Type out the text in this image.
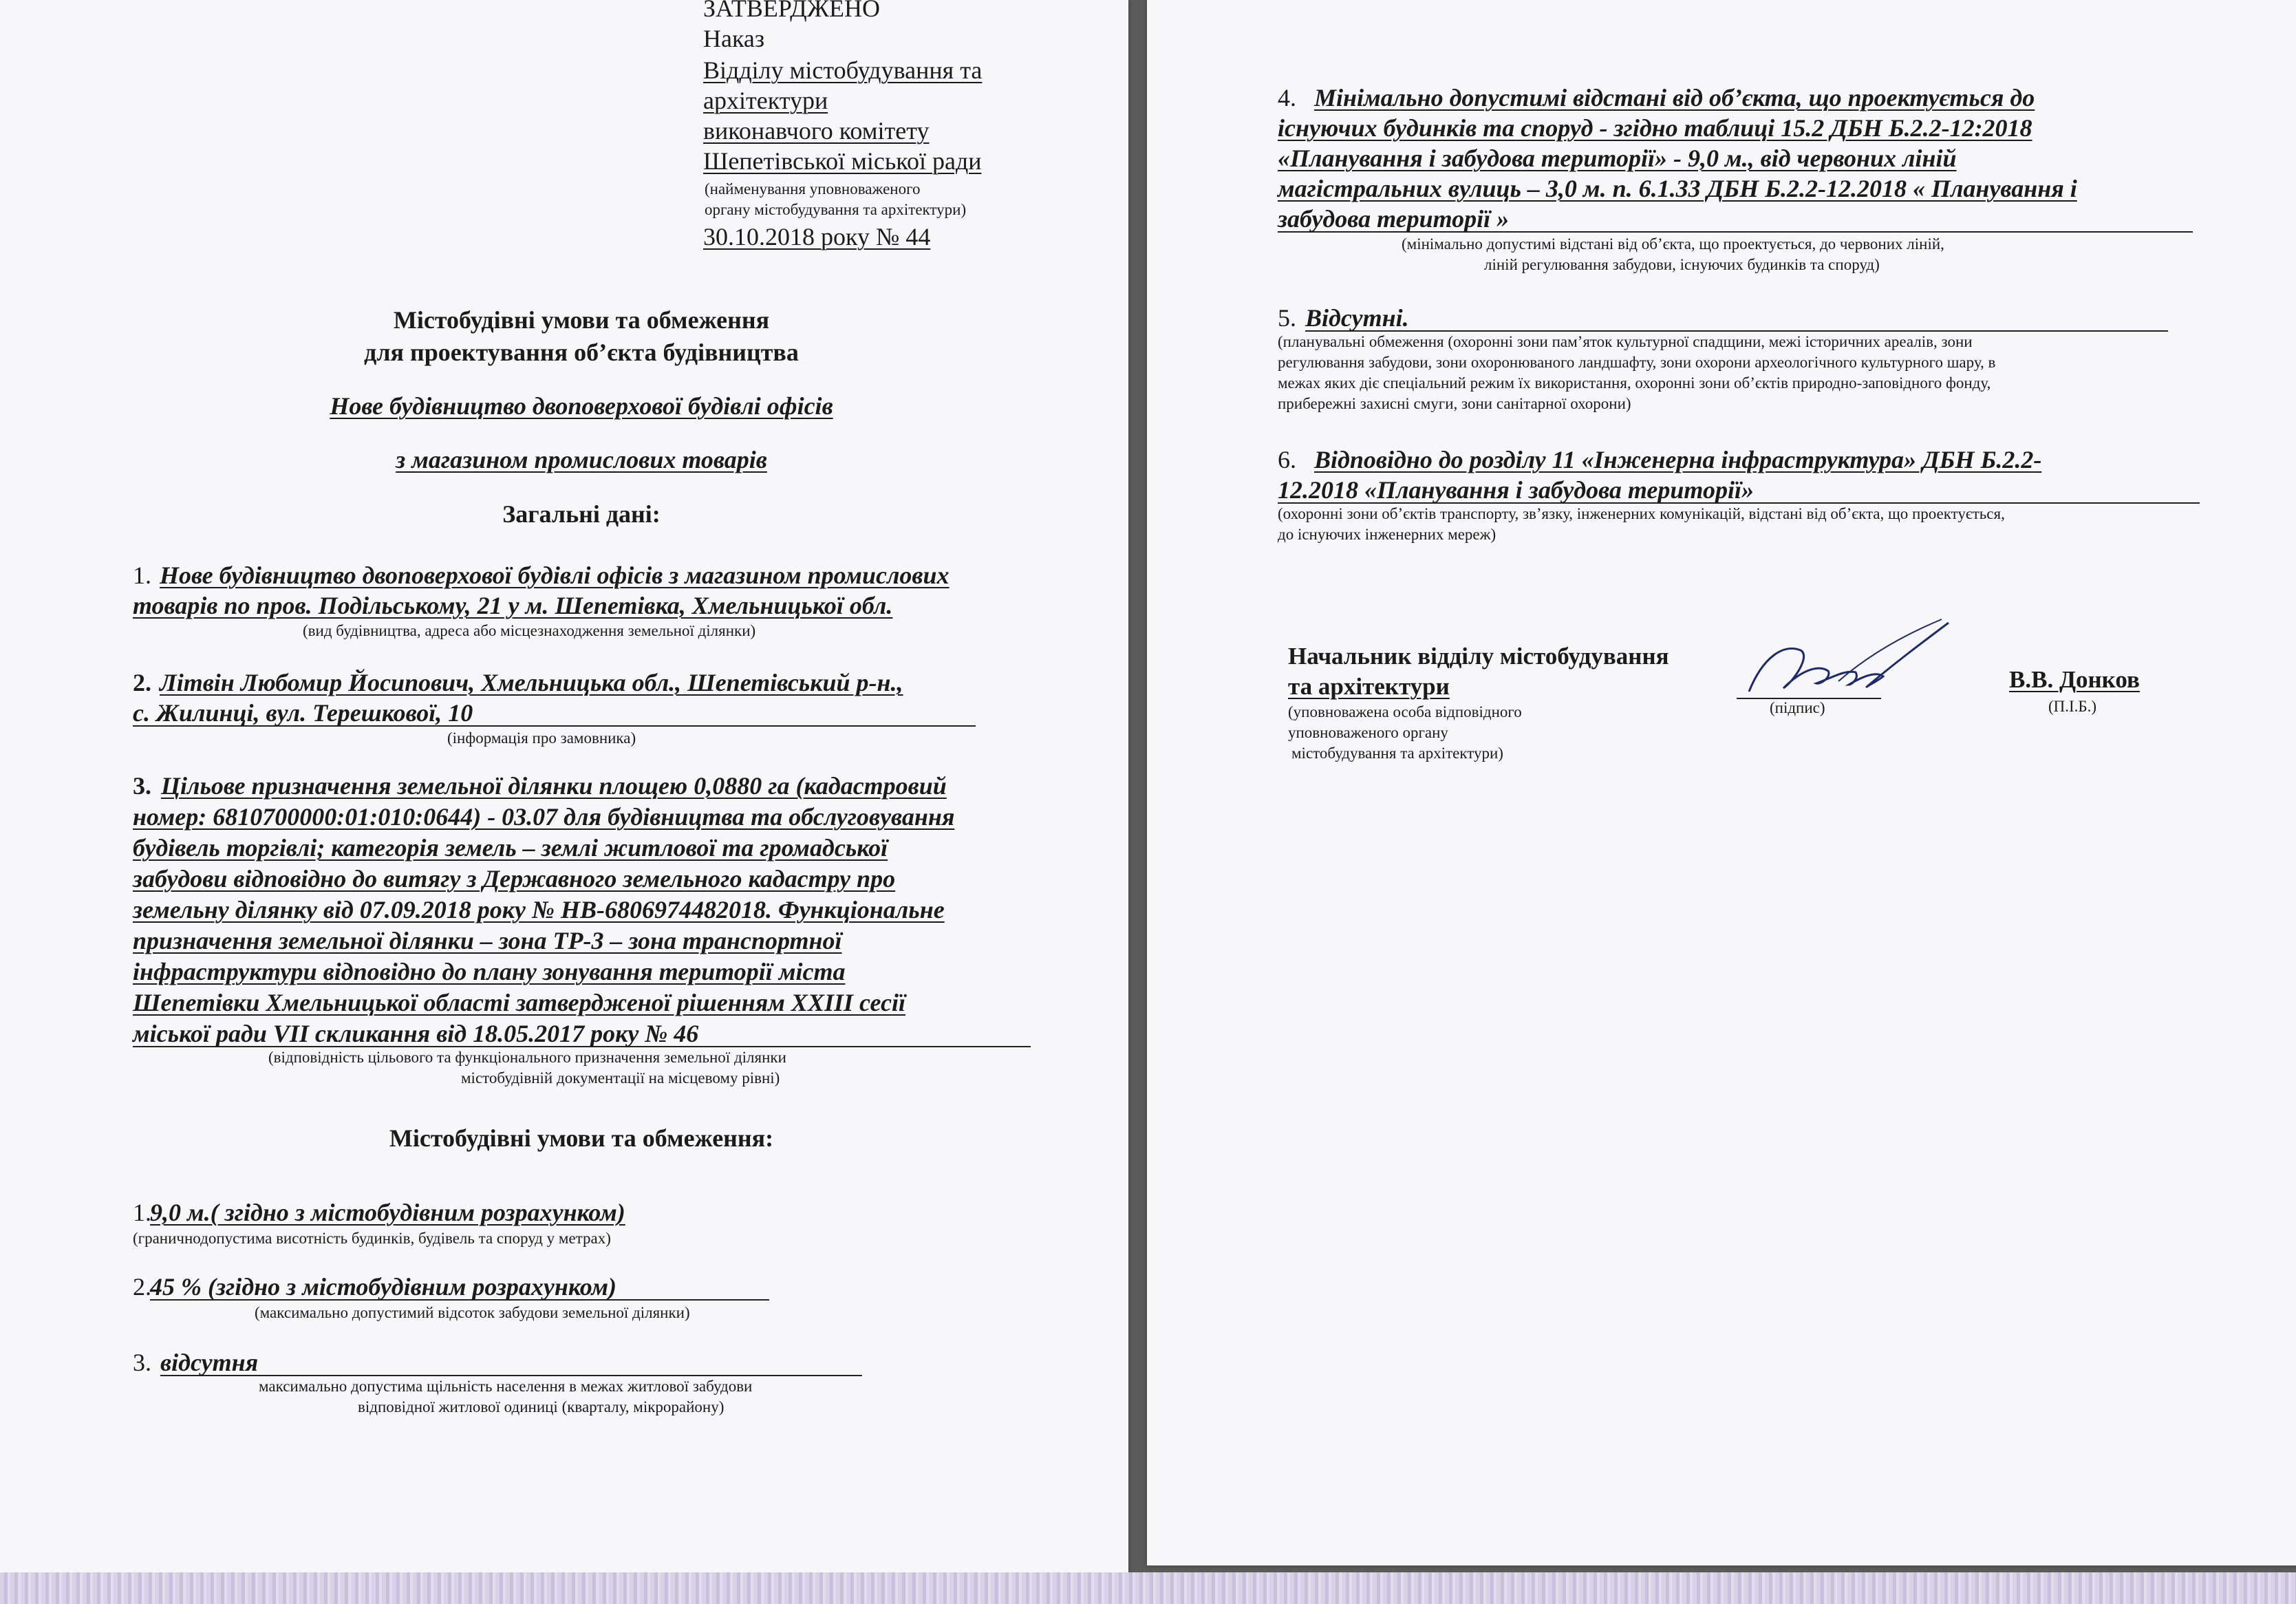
ЗАТВЕРДЖЕНО
Наказ
Відділу містобудування та
архітектури
виконавчого комітету
Шепетівської міської ради
(найменування уповноваженого
органу містобудування та архітектури)
30.10.2018 року № 44
Містобудівні умови та обмеження
для проектування об’єкта будівництва
Нове будівництво двоповерхової будівлі офісів
з магазином промислових товарів
Загальні дані:
1. Нове будівництво двоповерхової будівлі офісів з магазином промислових
товарів по пров. Подільському, 21 у м. Шепетівка, Хмельницької обл.
(вид будівництва, адреса або місцезнаходження земельної ділянки)
2. Літвін Любомир Йосипович, Хмельницька обл., Шепетівський р-н.,
с. Жилинці, вул. Терешкової, 10
(інформація про замовника)
3. Цільове призначення земельної ділянки площею 0,0880 га (кадастровий
номер: 6810700000:01:010:0644) - 03.07 для будівництва та обслуговування
будівель торгівлі; категорія земель – землі житлової та громадської
забудови відповідно до витягу з Державного земельного кадастру про
земельну ділянку від 07.09.2018 року № НВ-6806974482018. Функціональне
призначення земельної ділянки – зона ТР-3 – зона транспортної
інфраструктури відповідно до плану зонування території міста
Шепетівки Хмельницької області затвердженої рішенням XXIII сесії
міської ради VII скликання від 18.05.2017 року № 46
(відповідність цільового та функціонального призначення земельної ділянки
містобудівній документації на місцевому рівні)
Містобудівні умови та обмеження:
1.
9,0 м.( згідно з містобудівним розрахунком)
(граничнодопустима висотність будинків, будівель та споруд у метрах)
2.
45 % (згідно з містобудівним розрахунком)
(максимально допустимий відсоток забудови земельної ділянки)
3. відсутня
максимально допустима щільність населення в межах житлової забудови
відповідної житлової одиниці (кварталу, мікрорайону)
4. Мінімально допустимі відстані від об’єкта, що проектується до
існуючих будинків та споруд - згідно таблиці 15.2 ДБН Б.2.2-12:2018
«Планування і забудова території» - 9,0 м., від червоних ліній
магістральних вулиць – 3,0 м. п. 6.1.33 ДБН Б.2.2-12.2018 « Планування і
забудова території »
(мінімально допустимі відстані від об’єкта, що проектується, до червоних ліній,
ліній регулювання забудови, існуючих будинків та споруд)
5. Відсутні.
(планувальні обмеження (охоронні зони пам’яток культурної спадщини, межі історичних ареалів, зони
регулювання забудови, зони охоронюваного ландшафту, зони охорони археологічного культурного шару, в
межах яких діє спеціальний режим їх використання, охоронні зони об’єктів природно-заповідного фонду,
прибережні захисні смуги, зони санітарної охорони)
6. Відповідно до розділу 11 «Інженерна інфраструктура» ДБН Б.2.2-
12.2018 «Планування і забудова території»
(охоронні зони об’єктів транспорту, зв’язку, інженерних комунікацій, відстані від об’єкта, що проектується,
до існуючих інженерних мереж)
Начальник відділу містобудування
та архітектури
(уповноважена особа відповідного
уповноваженого органу
містобудування та архітектури)
(підпис)
В.В. Донков
(П.І.Б.)
